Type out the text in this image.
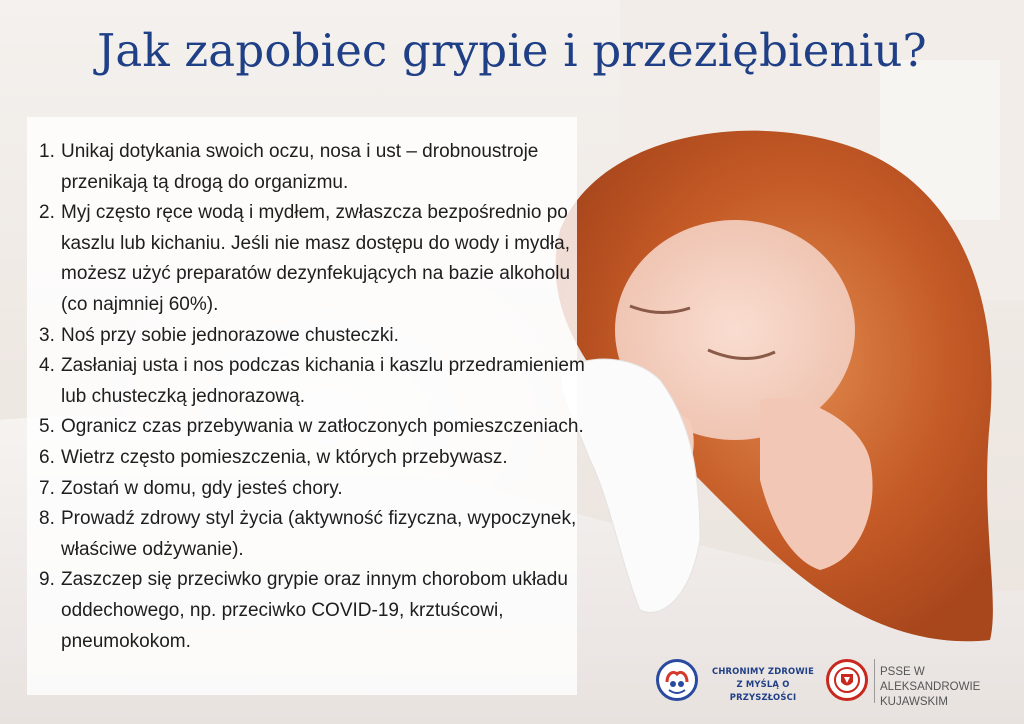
Jak zapobiec grypie i przeziębieniu?
1. Unikaj dotykania swoich oczu, nosa i ust – drobnoustroje przenikają tą drogą do organizmu.
2. Myj często ręce wodą i mydłem, zwłaszcza bezpośrednio po kaszlu lub kichaniu. Jeśli nie masz dostępu do wody i mydła, możesz użyć preparatów dezynfekujących na bazie alkoholu (co najmniej 60%).
3. Noś przy sobie jednorazowe chusteczki.
4. Zasłaniaj usta i nos podczas kichania i kaszlu przedramieniem lub chusteczką jednorazową.
5. Ogranicz czas przebywania w zatłoczonych pomieszczeniach.
6. Wietrz często pomieszczenia, w których przebywasz.
7. Zostań w domu, gdy jesteś chory.
8. Prowadź zdrowy styl życia (aktywność fizyczna, wypoczynek, właściwe odżywanie).
9. Zaszczep się przeciwko grypie oraz innym chorobom układu oddechowego, np. przeciwko COVID-19, krztuścowi, pneumokokom.
CHRONIMY ZDROWIE
Z MYŚLĄ O PRZYSZŁOŚCI
PSSE W ALEKSANDROWIE
KUJAWSKIM
